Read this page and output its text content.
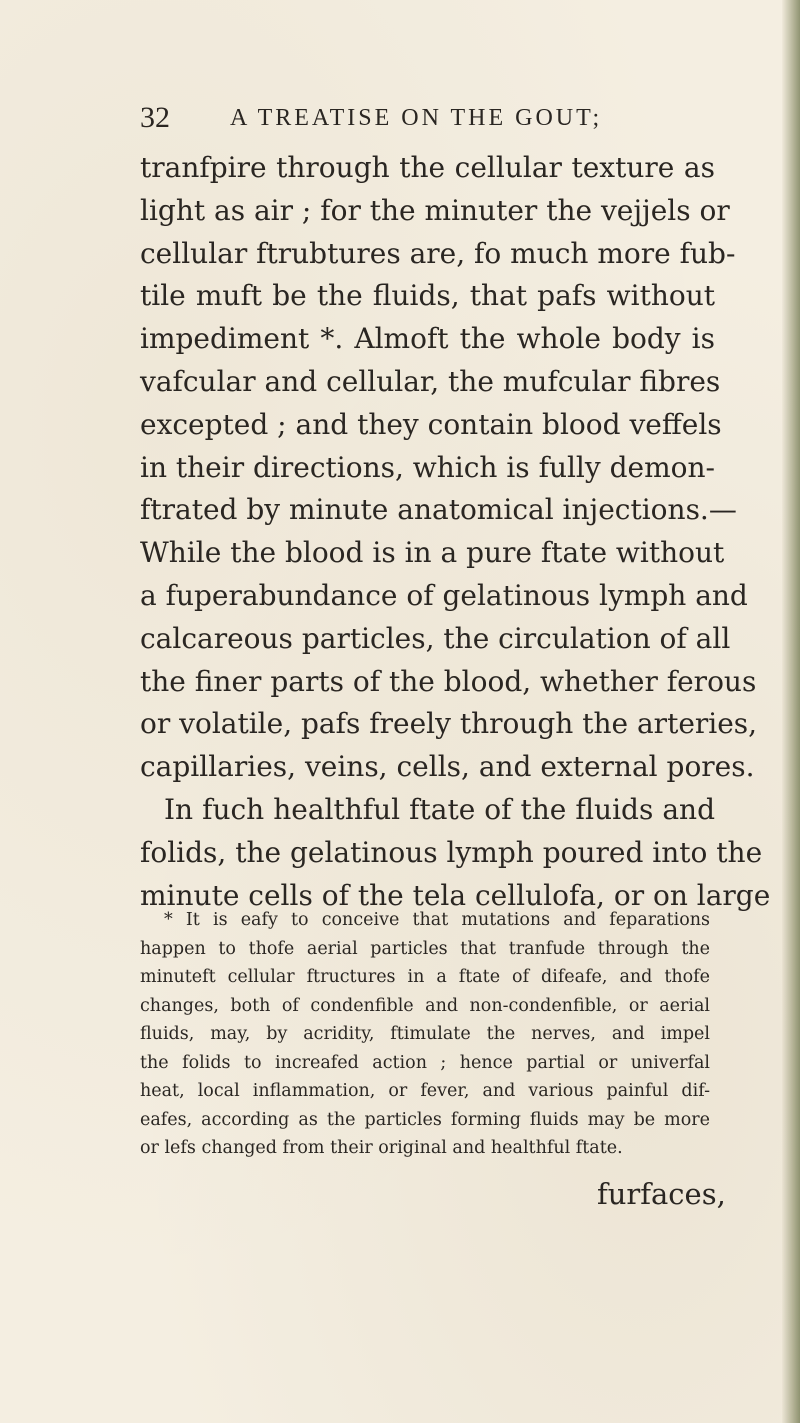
32	A TREATISE ON THE GOUT;
tranfpire through the cellular texture as
light as air ; for the minuter the vejjels or
cellular ftrubtures are, fo much more fub-
tile muft be the fluids, that pafs without
impediment *. Almoft the whole body is
vafcular and cellular, the mufcular fibres
excepted ; and they contain blood veffels
in their directions, which is fully demon-
ftrated by minute anatomical injections.—
While the blood is in a pure ftate without
a fuperabundance of gelatinous lymph and
calcareous particles, the circulation of all
the finer parts of the blood, whether ferous
or volatile, pafs freely through the arteries,
capillaries, veins, cells, and external pores.
In fuch healthful ftate of the fluids and
folids, the gelatinous lymph poured into the
minute cells of the tela cellulofa, or on large
* It is eafy to conceive that mutations and feparations
happen to thofe aerial particles that tranfude through the
minuteft cellular ftructures in a ftate of difeafe, and thofe
changes, both of condenfible and non-condenfible, or aerial
fluids, may, by acridity, ftimulate the nerves, and impel
the folids to increafed action ; hence partial or univerfal
heat, local inflammation, or fever, and various painful dif-
eafes, according as the particles forming fluids may be more
or lefs changed from their original and healthful ftate.
furfaces,
